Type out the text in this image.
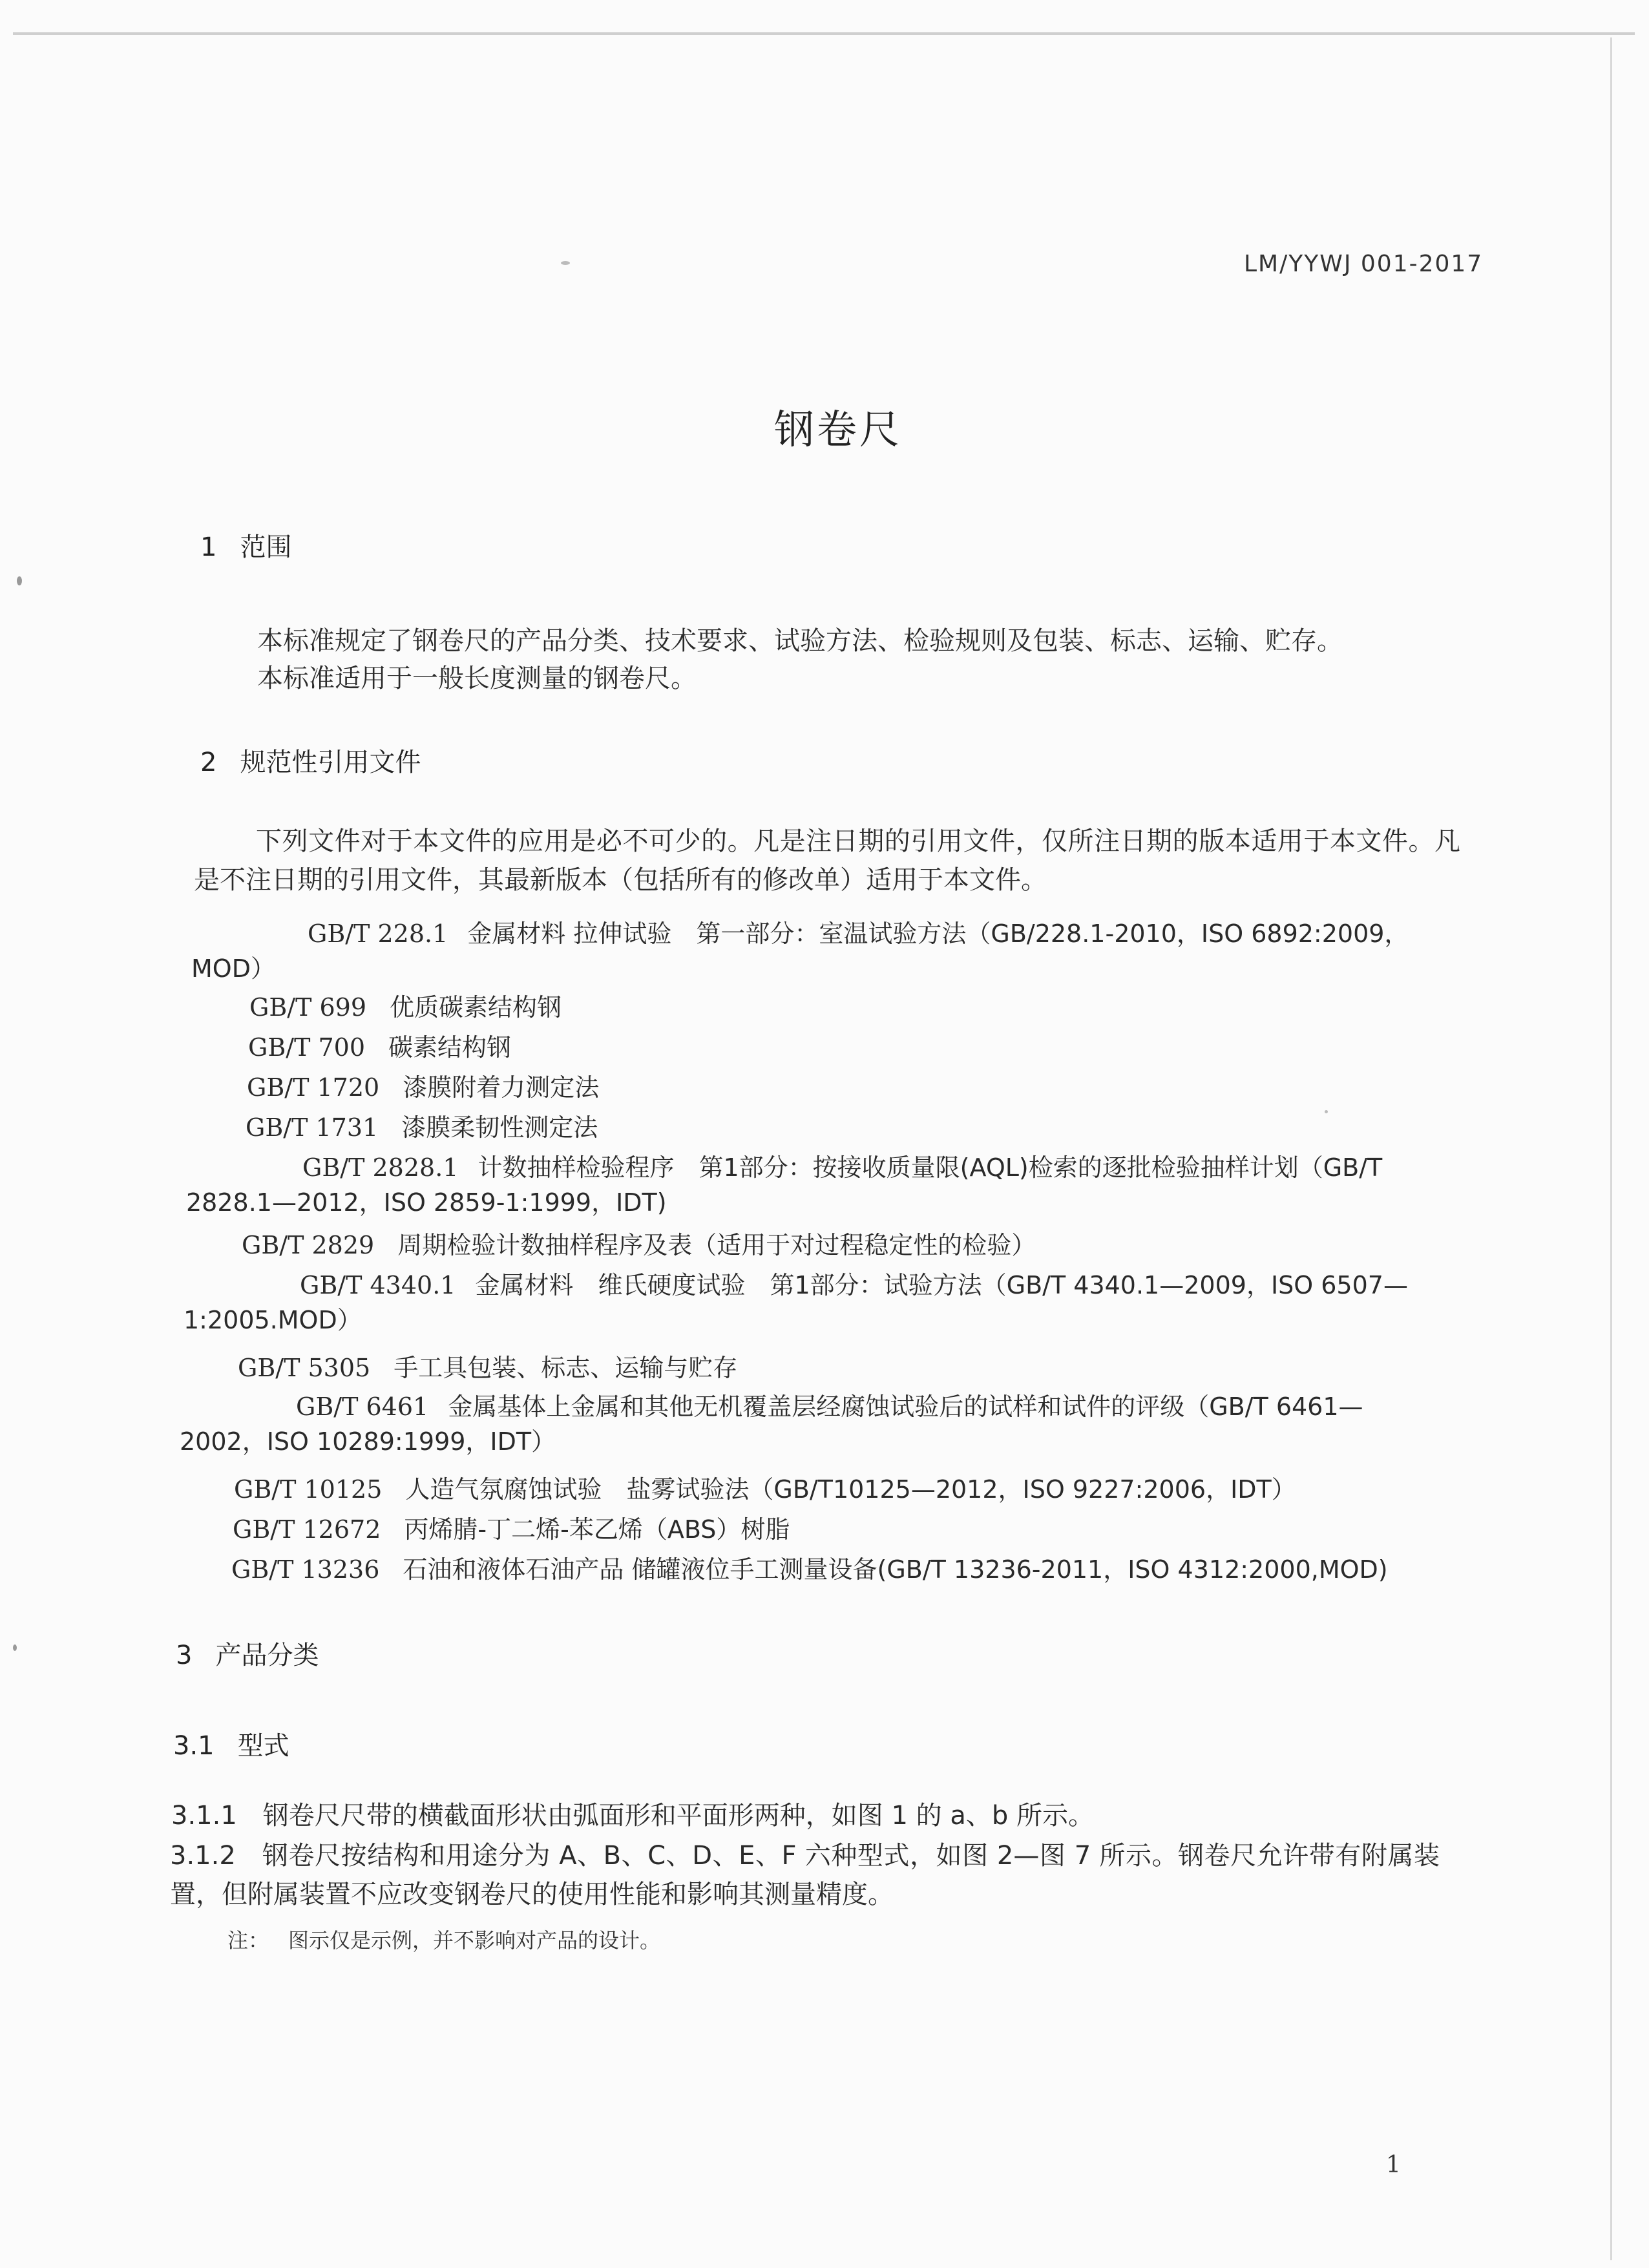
LM/YYWJ 001-2017
钢卷尺
1 范围
本标准规定了钢卷尺的产品分类、技术要求、试验方法、检验规则及包装、标志、运输、贮存。
本标准适用于一般长度测量的钢卷尺。
2 规范性引用文件
下列文件对于本文件的应用是必不可少的。凡是注日期的引用文件，仅所注日期的版本适用于本文件。凡是不注日期的引用文件，其最新版本（包括所有的修改单）适用于本文件。
GB/T 228.1 金属材料 拉伸试验　第一部分：室温试验方法（GB/228.1-2010，ISO 6892:2009，MOD）
GB/T 699 优质碳素结构钢
GB/T 700 碳素结构钢
GB/T 1720 漆膜附着力测定法
GB/T 1731 漆膜柔韧性测定法
GB/T 2828.1 计数抽样检验程序　第1部分：按接收质量限(AQL)检索的逐批检验抽样计划（GB/T 2828.1—2012，ISO 2859-1:1999，IDT)
GB/T 2829 周期检验计数抽样程序及表（适用于对过程稳定性的检验）
GB/T 4340.1 金属材料　维氏硬度试验　第1部分：试验方法（GB/T 4340.1—2009，ISO 6507—1:2005.MOD）
GB/T 5305 手工具包装、标志、运输与贮存
GB/T 6461 金属基体上金属和其他无机覆盖层经腐蚀试验后的试样和试件的评级（GB/T 6461—2002，ISO 10289:1999，IDT）
GB/T 10125 人造气氛腐蚀试验　盐雾试验法（GB/T10125—2012，ISO 9227:2006，IDT）
GB/T 12672 丙烯腈-丁二烯-苯乙烯（ABS）树脂
GB/T 13236 石油和液体石油产品 储罐液位手工测量设备(GB/T 13236-2011，ISO 4312:2000,MOD)
3 产品分类
3.1 型式
3.1.1　 钢卷尺尺带的横截面形状由弧面形和平面形两种，如图 1 的 a、b 所示。
3.1.2　 钢卷尺按结构和用途分为 A、B、C、D、E、F 六种型式，如图 2—图 7 所示。钢卷尺允许带有附属装置，但附属装置不应改变钢卷尺的使用性能和影响其测量精度。
注： 图示仅是示例，并不影响对产品的设计。
1
